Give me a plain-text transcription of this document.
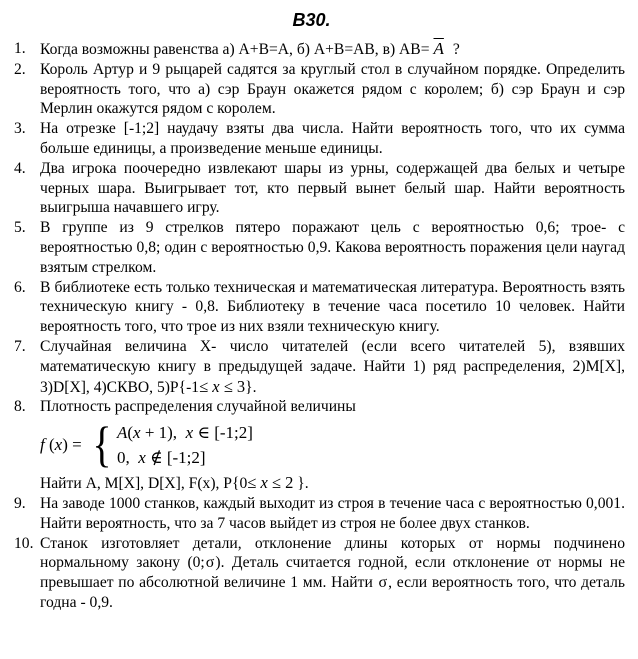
В30.
1. Когда возможны равенства а) А+В=А, б) А+В=АВ, в) АВ= А ?
2. Король Артур и 9 рыцарей садятся за круглый стол в случайном порядке. Определить вероятность того, что а) сэр Браун окажется рядом с королем; б) сэр Браун и сэр Мерлин окажутся рядом с королем.
3. На отрезке [-1;2] наудачу взяты два числа. Найти вероятность того, что их сумма больше единицы, а произведение меньше единицы.
4. Два игрока поочередно извлекают шары из урны, содержащей два белых и четыре черных шара. Выигрывает тот, кто первый вынет белый шар. Найти вероятность выигрыша начавшего игру.
5. В группе из 9 стрелков пятеро поражают цель с вероятностью 0,6; трое- с вероятностью 0,8; один с вероятностью 0,9. Какова вероятность поражения цели наугад взятым стрелком.
6. В библиотеке есть только техническая и математическая литература. Вероятность взять техническую книгу - 0,8. Библиотеку в течение часа посетило 10 человек. Найти вероятность того, что трое из них взяли техническую книгу.
7. Случайная величина X- число читателей (если всего читателей 5), взявших математическую книгу в предыдущей задаче. Найти 1) ряд распределения, 2)M[X], 3)D[X], 4)СКВО, 5)P{-1≤ x ≤ 3}.
8. Плотность распределения случайной величины
f (x) = { A(x + 1),  x ∈ [-1;2]
0,  x ∉ [-1;2]
Найти А, M[X], D[X], F(x), P{0≤ x ≤ 2 }.
9. На заводе 1000 станков, каждый выходит из строя в течение часа с вероятностью 0,001. Найти вероятность, что за 7 часов выйдет из строя не более двух станков.
10. Станок изготовляет детали, отклонение длины которых от нормы подчинено нормальному закону (0;σ). Деталь считается годной, если отклонение от нормы не превышает по абсолютной величине 1 мм. Найти σ, если вероятность того, что деталь годна - 0,9.
